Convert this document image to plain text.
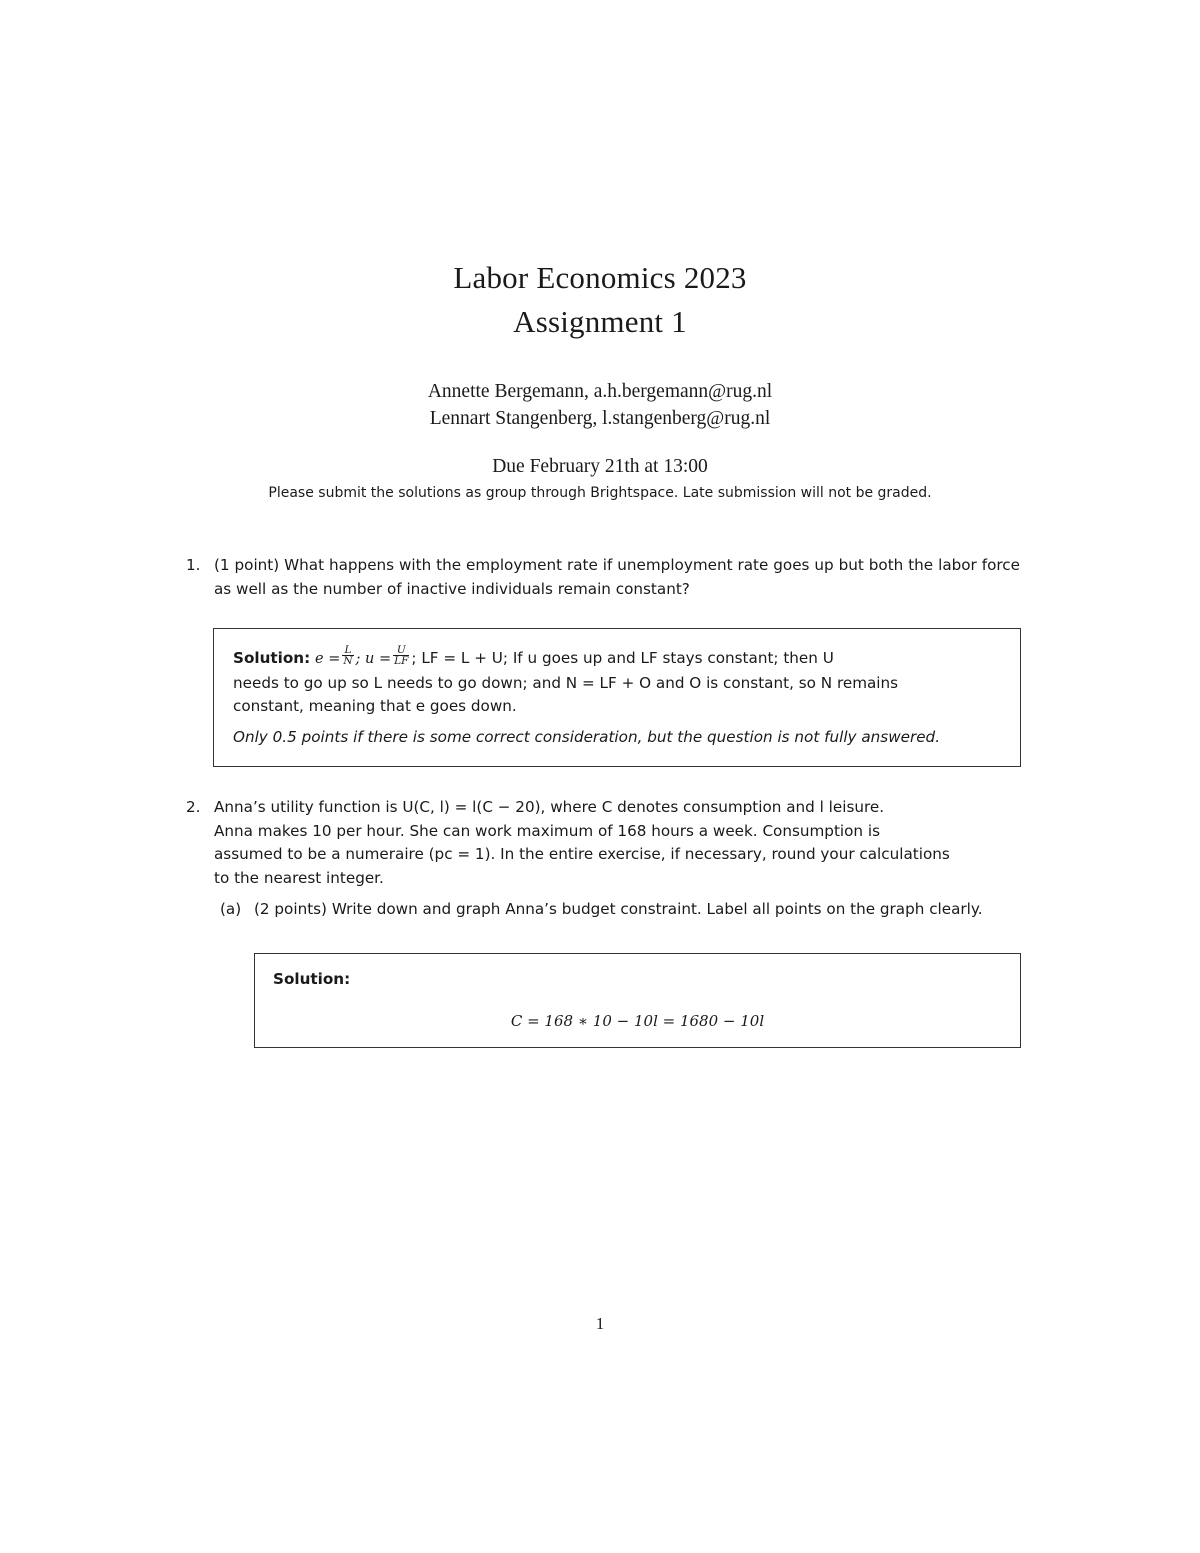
Labor Economics 2023
Assignment 1
Annette Bergemann, a.h.bergemann@rug.nl
Lennart Stangenberg, l.stangenberg@rug.nl
Due February 21th at 13:00
Please submit the solutions as group through Brightspace. Late submission will not be graded.
1. (1 point) What happens with the employment rate if unemployment rate goes up but both the labor force as well as the number of inactive individuals remain constant?
Solution: $e = \frac{L}{N}$ ; $u = \frac{U}{LF}$ ; LF = L + U; If u goes up and LF stays constant; then U
needs to go up so L needs to go down; and N = LF + O and O is constant, so N remains
constant, meaning that e goes down.
Only 0.5 points if there is some correct consideration, but the question is not fully answered.
2. Anna’s utility function is U(C, l) = l(C − 20), where C denotes consumption and l leisure.
Anna makes 10 per hour. She can work maximum of 168 hours a week. Consumption is
assumed to be a numeraire (pc = 1). In the entire exercise, if necessary, round your calculations
to the nearest integer.
(a) (2 points) Write down and graph Anna’s budget constraint. Label all points on the graph clearly.
Solution:
C = 168 ∗ 10 − 10l = 1680 − 10l
1
